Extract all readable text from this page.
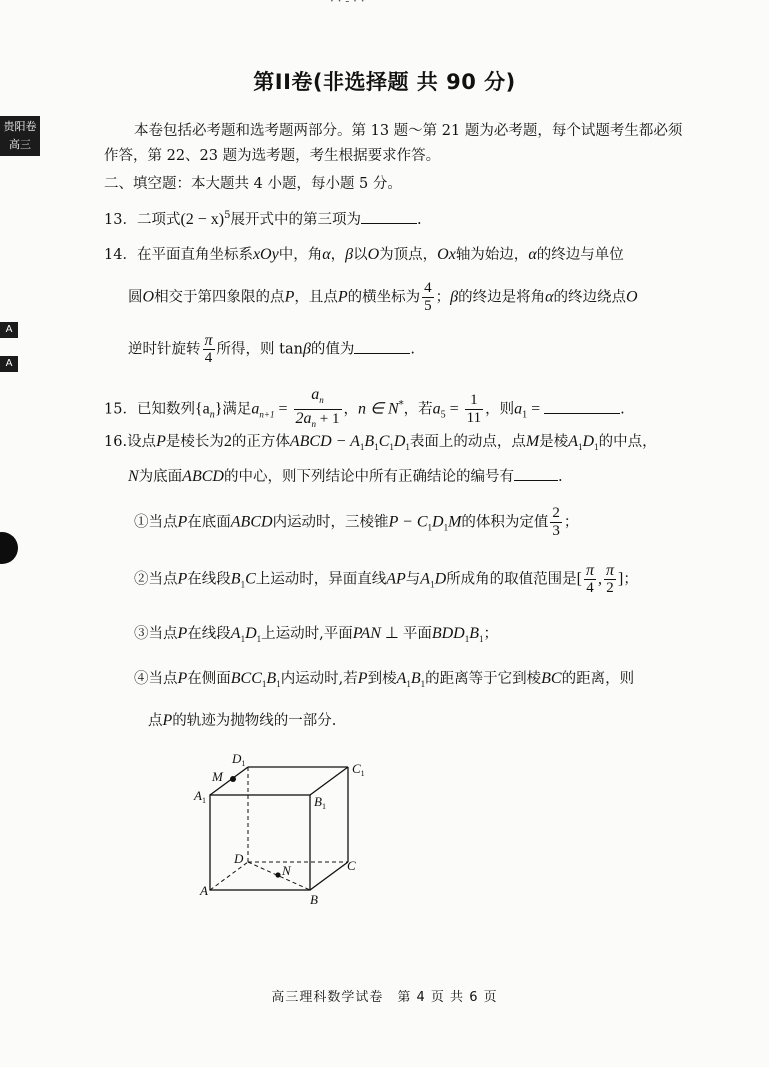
· · - · ·
贵阳卷
高三
A
A
第II卷(非选择题 共 90 分)
本卷包括必考题和选考题两部分。第 13 题～第 21 题为必考题，每个试题考生都必须
作答，第 22、23 题为选考题，考生根据要求作答。
二、填空题：本大题共 4 小题，每小题 5 分。
13．二项式$(2 - x)^5$展开式中的第三项为	.
14．在平面直角坐标系xOy中，角α，β以O为顶点，Ox轴为始边，α的终边与单位
圆O相交于第四象限的点P，且点P的横坐标为 $\frac{4}{5}$ ；β的终边是将角α的终边绕点O
逆时针旋转 $\frac{\pi}{4}$ 所得，则 tanβ的值为	.
15．已知数列$\{a_n\}$满足$a_{n+1} = \frac{a_n}{2a_n + 1}$ ，n ∈ N*，若$a_5 = \frac{1}{11}$ ，则$a_1$ =	.
16.设点P是棱长为2的正方体ABCD − $A_1B_1C_1D_1$表面上的动点，点M是棱$A_1D_1$的中点，
N为底面ABCD的中心，则下列结论中所有正确结论的编号有	.
①当点P在底面ABCD内运动时，三棱锥$P - C_1D_1M$的体积为定值 $\frac{2}{3}$ ；
②当点P在线段$B_1C$上运动时，异面直线AP与$A_1D$所成角的取值范围是[ $\frac{\pi}{4}$ , $\frac{\pi}{2}$ ]；
③当点P在线段$A_1D_1$上运动时,平面PAN ⊥ 平面$BDD_1B_1$；
④当点P在侧面$BCC_1B_1$内运动时,若P到棱$A_1B_1$的距离等于它到棱BC的距离，则
点P的轨迹为抛物线的一部分.
$D_1$	$C_1$
M
$A_1$	$B_1$
D	C
N
A
B
高三理科数学试卷　第 4 页 共 6 页
